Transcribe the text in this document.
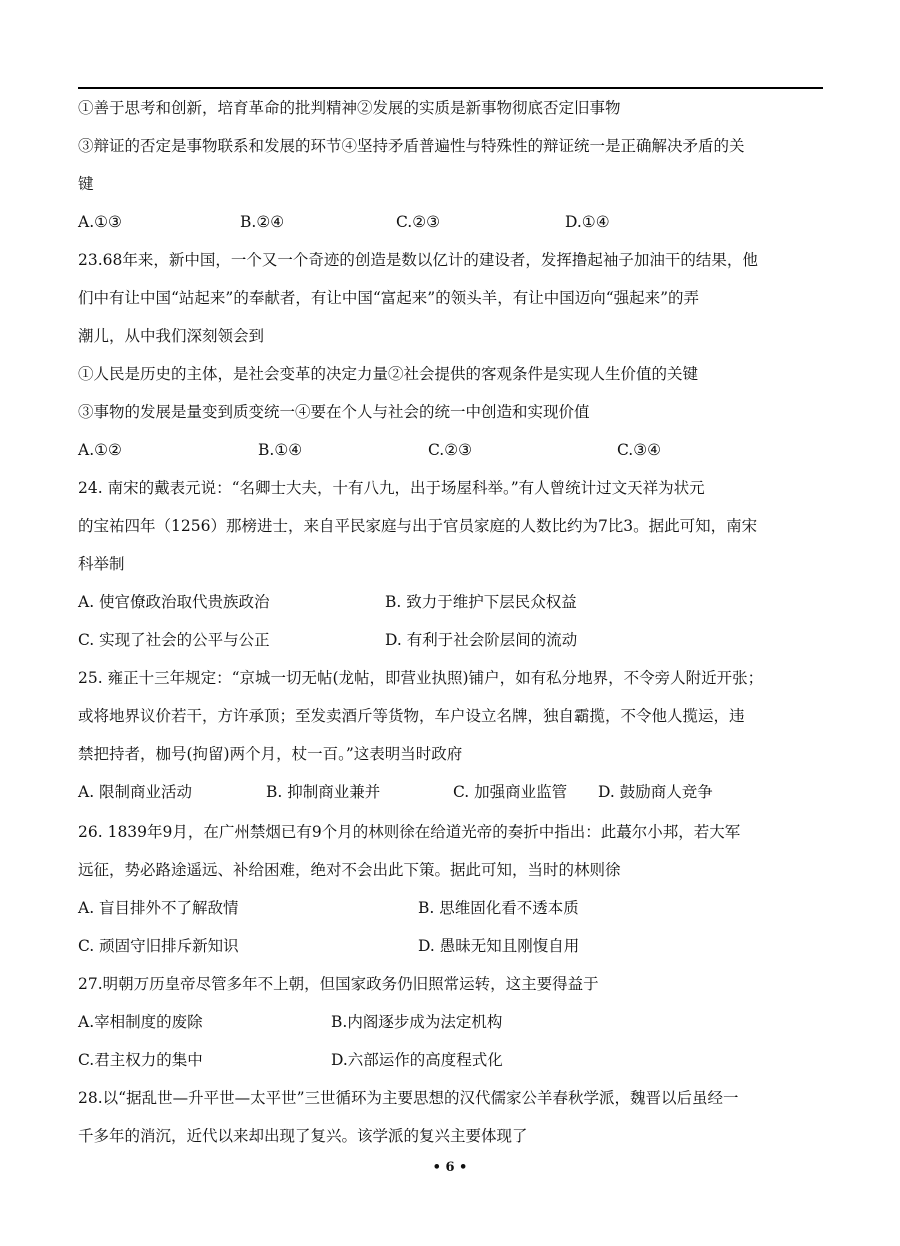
①善于思考和创新，培育革命的批判精神②发展的实质是新事物彻底否定旧事物
③辩证的否定是事物联系和发展的环节④坚持矛盾普遍性与特殊性的辩证统一是正确解决矛盾的关
键
A.①③	B.②④	C.②③	D.①④
23.68年来，新中国，一个又一个奇迹的创造是数以亿计的建设者，发挥撸起袖子加油干的结果，他
们中有让中国“站起来”的奉献者，有让中国“富起来”的领头羊，有让中国迈向“强起来”的弄
潮儿，从中我们深刻领会到
①人民是历史的主体，是社会变革的决定力量②社会提供的客观条件是实现人生价值的关键
③事物的发展是量变到质变统一④要在个人与社会的统一中创造和实现价值
A.①②	B.①④	C.②③	C.③④
24. 南宋的戴表元说：“名卿士大夫，十有八九，出于场屋科举。”有人曾统计过文天祥为状元
的宝祐四年（1256）那榜进士，来自平民家庭与出于官员家庭的人数比约为7比3。据此可知，南宋
科举制
A. 使官僚政治取代贵族政治	B. 致力于维护下层民众权益
C. 实现了社会的公平与公正	D. 有利于社会阶层间的流动
25. 雍正十三年规定：“京城一切无帖(龙帖，即营业执照)铺户，如有私分地界，不令旁人附近开张；
或将地界议价若干，方许承顶；至发卖酒斤等货物，车户设立名牌，独自霸揽，不令他人揽运，违
禁把持者，枷号(拘留)两个月，杖一百。”这表明当时政府
A. 限制商业活动	B. 抑制商业兼并	C. 加强商业监管 D. 鼓励商人竞争
26. 1839年9月，在广州禁烟已有9个月的林则徐在给道光帝的奏折中指出：此蕞尔小邦，若大军
远征，势必路途遥远、补给困难，绝对不会出此下策。据此可知，当时的林则徐
A. 盲目排外不了解敌情	B. 思维固化看不透本质
C. 顽固守旧排斥新知识	D. 愚昧无知且刚愎自用
27.明朝万历皇帝尽管多年不上朝，但国家政务仍旧照常运转，这主要得益于
A.宰相制度的废除	B.内阁逐步成为法定机构
C.君主权力的集中	D.六部运作的高度程式化
28.以“据乱世—升平世—太平世”三世循环为主要思想的汉代儒家公羊春秋学派，魏晋以后虽经一
千多年的消沉，近代以来却出现了复兴。该学派的复兴主要体现了
• 6 •
